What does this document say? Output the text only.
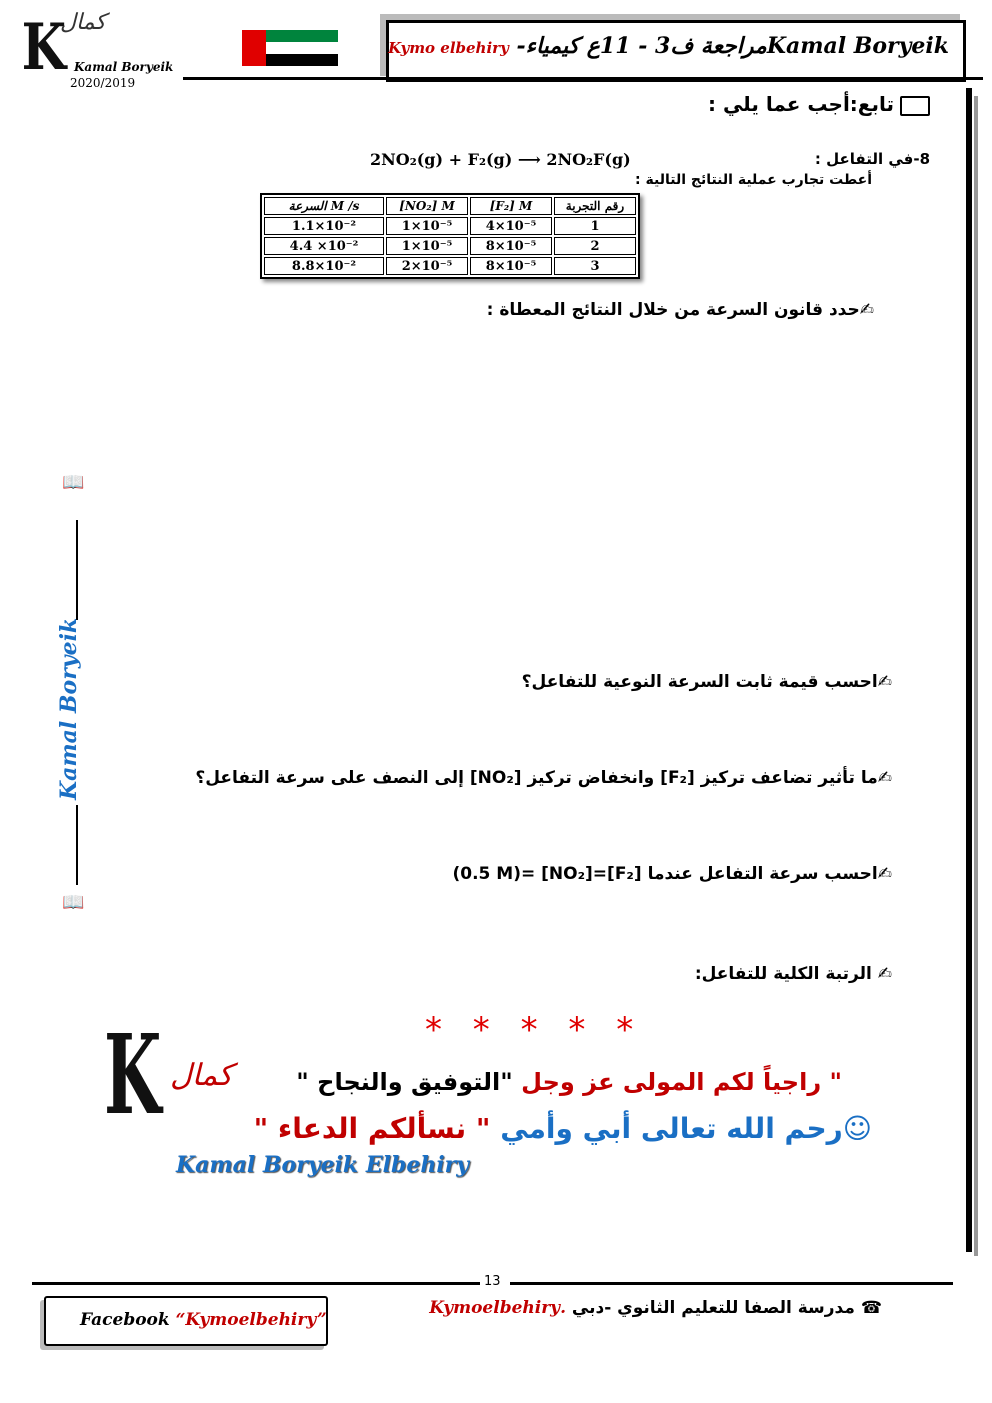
K
كمال
Kamal Boryeik
2020/2019
Kymo elbehiry -مراجعة ف3 - 11ع كيمياءKamal Boryeik
تابع:أجب عما يلي :
8-في التفاعل :
2NO₂(g) + F₂(g) ⟶ 2NO₂F(g)
أعطت تجارب عملية النتائج التالية :
السرعة M /s	[NO₂] M	[F₂] M	رقم التجربة
1.1×10⁻²	1×10⁻⁵	4×10⁻⁵	1
4.4 ×10⁻²	1×10⁻⁵	8×10⁻⁵	2
8.8×10⁻²	2×10⁻⁵	8×10⁻⁵	3
✍حدد قانون السرعة من خلال النتائج المعطاة :
✍احسب قيمة ثابت السرعة النوعية للتفاعل؟
✍ما تأثير تضاعف تركيز [F₂] وانخفاض تركيز [NO₂] إلى النصف على سرعة التفاعل؟
✍احسب سرعة التفاعل عندما [F₂]=[NO₂] =(0.5 M)
✍ الرتبة الكلية للتفاعل:
📖
Kamal Boryeik
📖
* * * * *
K كمال	" راجياً لكم المولى عز وجل "التوفيق والنجاح "
☺رحم الله تعالى أبي وأمي " نسألكم الدعاء "
Kamal Boryeik Elbehiry
13
☎ مدرسة الصفا للتعليم الثانوي -دبي .Kymoelbehiry
Facebook “Kymoelbehiry”
